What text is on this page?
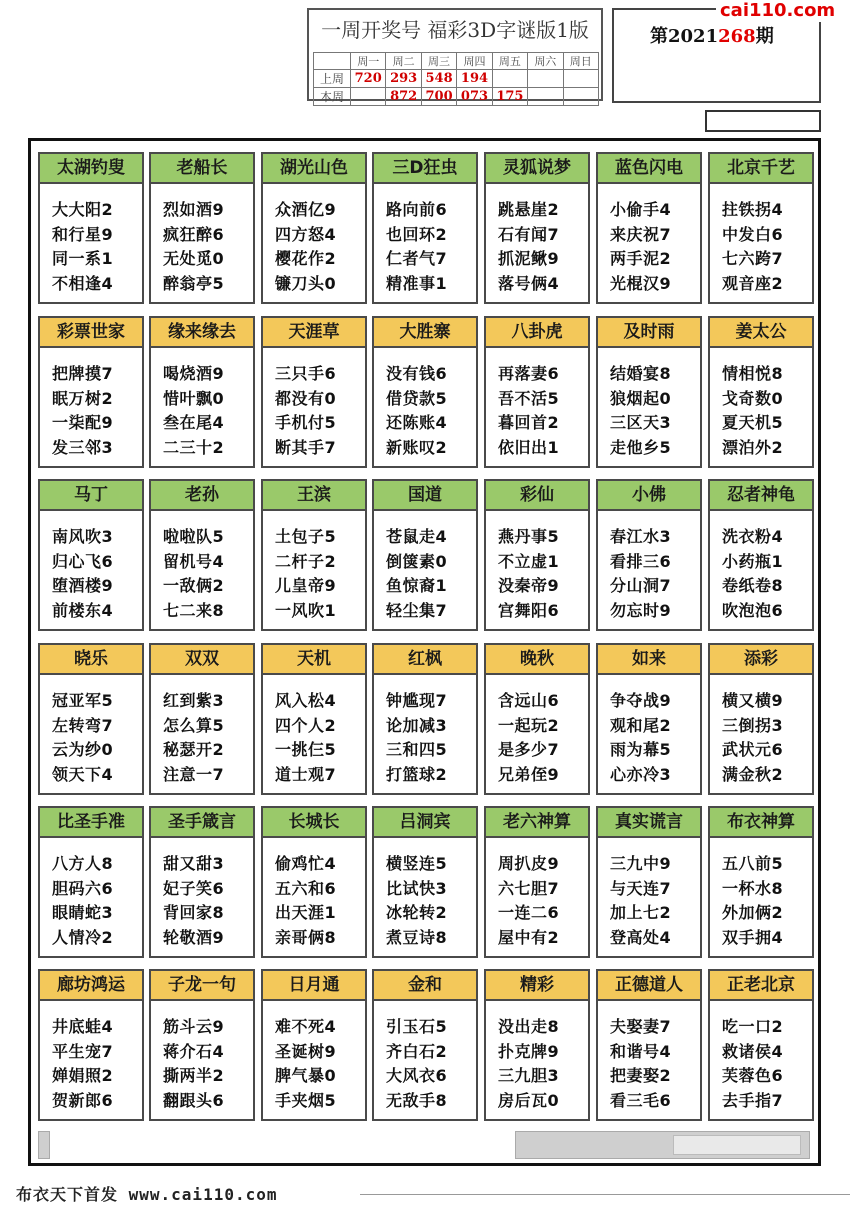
一周开奖号 福彩3D字谜版1版
	周一	周二	周三	周四	周五	周六	周日
上周	720	293	548	194			
本周		872	700	073	175		
第2021268期
cai110.com
太湖钓叟
大大阳2
和行星9
同一系1
不相逢4
老船长
烈如酒9
疯狂醉6
无处觅0
醉翁亭5
湖光山色
众酒亿9
四方怒4
樱花作2
镰刀头0
三D狂虫
路向前6
也回环2
仁者气7
精准事1
灵狐说梦
跳悬崖2
石有闻7
抓泥鳅9
落号俩4
蓝色闪电
小偷手4
来庆祝7
两手泥2
光棍汉9
北京千艺
拄铁拐4
中发白6
七六跨7
观音座2
彩票世家
把牌摸7
眠万树2
一柒配9
发三邻3
缘来缘去
喝烧酒9
惜叶飘0
叁在尾4
二三十2
天涯草
三只手6
都没有0
手机付5
断其手7
大胜寨
没有钱6
借贷款5
还陈账4
新账叹2
八卦虎
再落妻6
吾不活5
暮回首2
依旧出1
及时雨
结婚宴8
狼烟起0
三区天3
走他乡5
姜太公
情相悦8
戈奇数0
夏天机5
漂泊外2
马丁
南风吹3
归心飞6
堕酒楼9
前楼东4
老孙
啦啦队5
留机号4
一敌俩2
七二来8
王滨
土包子5
二杆子2
儿皇帝9
一风吹1
国道
苍鼠走4
倒箧素0
鱼惊裔1
轻尘集7
彩仙
燕丹事5
不立虚1
没秦帝9
宫舞阳6
小佛
春江水3
看排三6
分山洞7
勿忘时9
忍者神龟
洗衣粉4
小药瓶1
卷纸卷8
吹泡泡6
晓乐
冠亚军5
左转弯7
云为纱0
领天下4
双双
红到紫3
怎么算5
秘瑟开2
注意一7
天机
风入松4
四个人2
一挑仨5
道士观7
红枫
钟尴现7
论加减3
三和四5
打篮球2
晚秋
含远山6
一起玩2
是多少7
兄弟侄9
如来
争夺战9
观和尾2
雨为幕5
心亦冷3
添彩
横又横9
三倒拐3
武状元6
满金秋2
比圣手准
八方人8
胆码六6
眼睛蛇3
人情冷2
圣手箴言
甜又甜3
妃子笑6
背回家8
轮敬酒9
长城长
偷鸡忙4
五六和6
出天涯1
亲哥俩8
吕洞宾
横竖连5
比试快3
冰轮转2
煮豆诗8
老六神算
周扒皮9
六七胆7
一连二6
屋中有2
真实谎言
三九中9
与天连7
加上七2
登高处4
布衣神算
五八前5
一杯水8
外加俩2
双手拥4
廊坊鸿运
井底蛙4
平生宠7
婵娟照2
贺新郎6
子龙一句
筋斗云9
蒋介石4
撕两半2
翻跟头6
日月通
难不死4
圣诞树9
脾气暴0
手夹烟5
金和
引玉石5
齐白石2
大风衣6
无敌手8
精彩
没出走8
扑克牌9
三九胆3
房后瓦0
正德道人
夫娶妻7
和谐号4
把妻娶2
看三毛6
正老北京
吃一口2
救诸侯4
芙蓉色6
去手指7
布衣天下首发 www.cai110.com
